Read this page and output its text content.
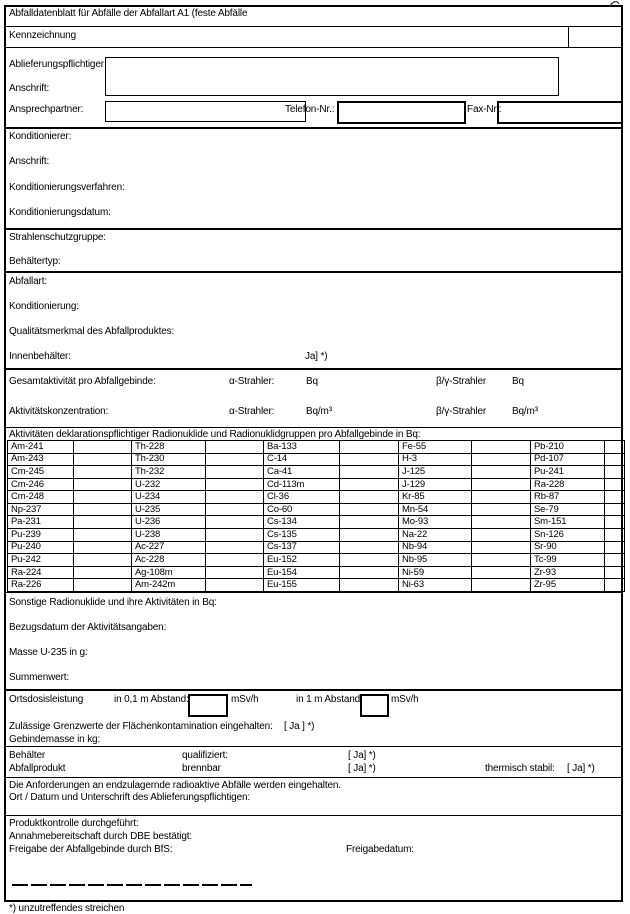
Abfalldatenblatt für Abfälle der Abfallart A1 (feste Abfälle
Kennzeichnung
Ablieferungspflichtiger:
Anschrift:
Ansprechpartner:	Telefon-Nr.:	Fax-Nr.:
Konditionierer:
Anschrift:
Konditionierungsverfahren:
Konditionierungsdatum:
Strahlenschutzgruppe:
Behältertyp:
Abfallart:
Konditionierung:
Qualitätsmerkmal des Abfallproduktes:
Innenbehälter:	Ja] *)
Gesamtaktivität pro Abfallgebinde:	α-Strahler:	Bq	β/γ-Strahler	Bq
Aktivitätskonzentration:	α-Strahler:	Bq/m³	β/γ-Strahler	Bq/m³
Aktivitäten deklarationspflichtiger Radionuklide und Radionuklidgruppen pro Abfallgebinde in Bq:
Am-241		Th-228		Ba-133		Fe-55		Pb-210	
Am-243		Th-230		C-14		H-3		Pd-107	
Cm-245		Th-232		Ca-41		J-125		Pu-241	
Cm-246		U-232		Cd-113m		J-129		Ra-228	
Cm-248		U-234		Cl-36		Kr-85		Rb-87	
Np-237		U-235		Co-60		Mn-54		Se-79	
Pa-231		U-236		Cs-134		Mo-93		Sm-151	
Pu-239		U-238		Cs-135		Na-22		Sn-126	
Pu-240		Ac-227		Cs-137		Nb-94		Sr-90	
Pu-242		Ac-228		Eu-152		Nb-95		Tc-99	
Ra-224		Ag-108m		Eu-154		Ni-59		Zr-93	
Ra-226		Am-242m		Eu-155		Ni-63		Zr-95	
Sonstige Radionuklide und ihre Aktivitäten in Bq:
Bezugsdatum der Aktivitätsangaben:
Masse U-235 in g:
Summenwert:
Ortsdosisleistung	in 0,1 m Abstand:	mSv/h	in 1 m Abstand:	mSv/h
Zulässige Grenzwerte der Flächenkontamination eingehalten: [ Ja ] *)
Gebindemasse in kg:
Behälter	qualifiziert:	[ Ja] *)
Abfallprodukt	brennbar	[ Ja] *)	thermisch stabil: [ Ja] *)
Die Anforderungen an endzulagernde radioaktive Abfälle werden eingehalten.
Ort / Datum und Unterschrift des Ablieferungspflichtigen:
Produktkontrolle durchgeführt:
Annahmebereitschaft durch DBE bestätigt:
Freigabe der Abfallgebinde durch BfS:	Freigabedatum:
*) unzutreffendes streichen
